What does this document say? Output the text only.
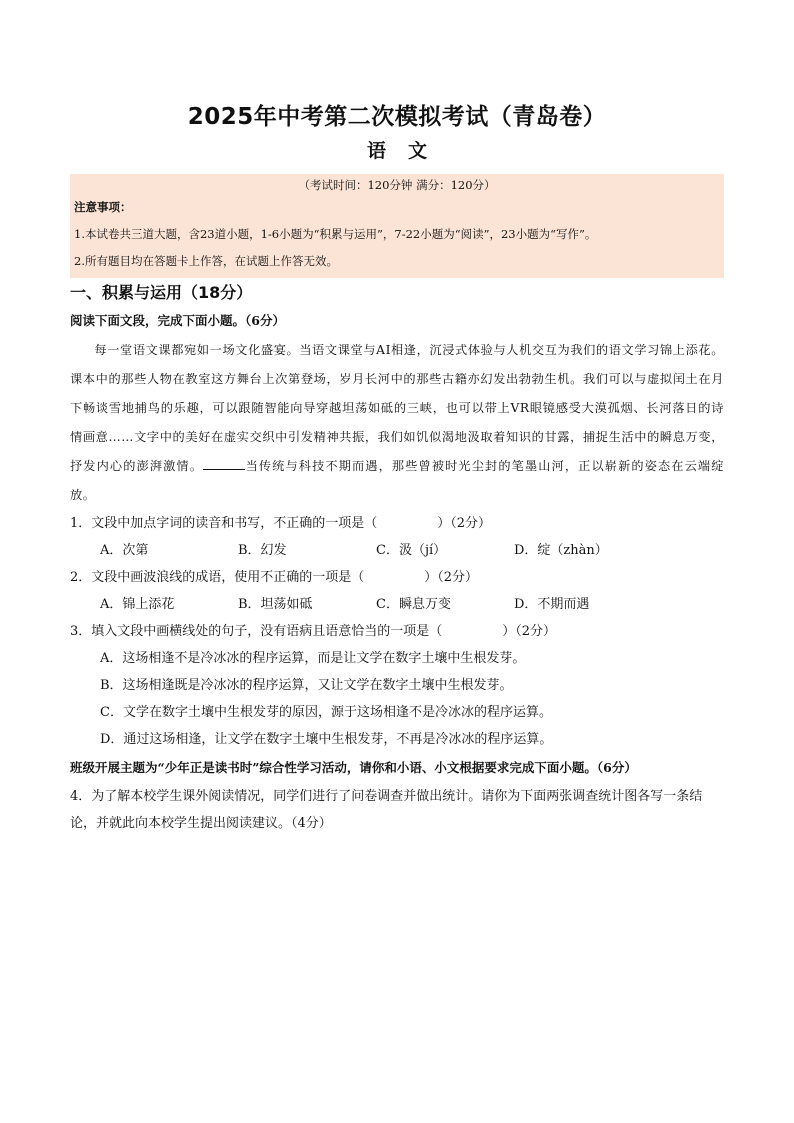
2025年中考第二次模拟考试（青岛卷）
语文
（考试时间：120分钟 满分：120分）
注意事项：
1.本试卷共三道大题，含23道小题，1-6小题为“积累与运用”，7-22小题为“阅读”，23小题为“写作”。
2.所有题目均在答题卡上作答，在试题上作答无效。
一、积累与运用（18分）
阅读下面文段，完成下面小题。（6分）
每一堂语文课都宛如一场文化盛宴。当语文课堂与AI相逢，沉浸式体验与人机交互为我们的语文学习锦上添花。课本中的那些人物在教室这方舞台上次第登场，岁月长河中的那些古籍亦幻发出勃勃生机。我们可以与虚拟闰土在月下畅谈雪地捕鸟的乐趣，可以跟随智能向导穿越坦荡如砥的三峡，也可以带上VR眼镜感受大漠孤烟、长河落日的诗情画意……文字中的美好在虚实交织中引发精神共振，我们如饥似渴地汲取着知识的甘露，捕捉生活中的瞬息万变，抒发内心的澎湃激情。	当传统与科技不期而遇，那些曾被时光尘封的笔墨山河，正以崭新的姿态在云端绽放。
1．文段中加点字词的读音和书写，不正确的一项是（	）（2分）
A．次第	B．幻发	C．汲（jí）	D．绽（zhàn）
2．文段中画波浪线的成语，使用不正确的一项是（	）（2分）
A．锦上添花	B．坦荡如砥	C．瞬息万变	D．不期而遇
3．填入文段中画横线处的句子，没有语病且语意恰当的一项是（	）（2分）
A．这场相逢不是冷冰冰的程序运算，而是让文学在数字土壤中生根发芽。
B．这场相逢既是冷冰冰的程序运算，又让文学在数字土壤中生根发芽。
C．文学在数字土壤中生根发芽的原因，源于这场相逢不是冷冰冰的程序运算。
D．通过这场相逢，让文学在数字土壤中生根发芽，不再是冷冰冰的程序运算。
班级开展主题为“少年正是读书时”综合性学习活动，请你和小语、小文根据要求完成下面小题。（6分）
4．为了解本校学生课外阅读情况，同学们进行了问卷调查并做出统计。请你为下面两张调查统计图各写一条结论，并就此向本校学生提出阅读建议。（4分）
